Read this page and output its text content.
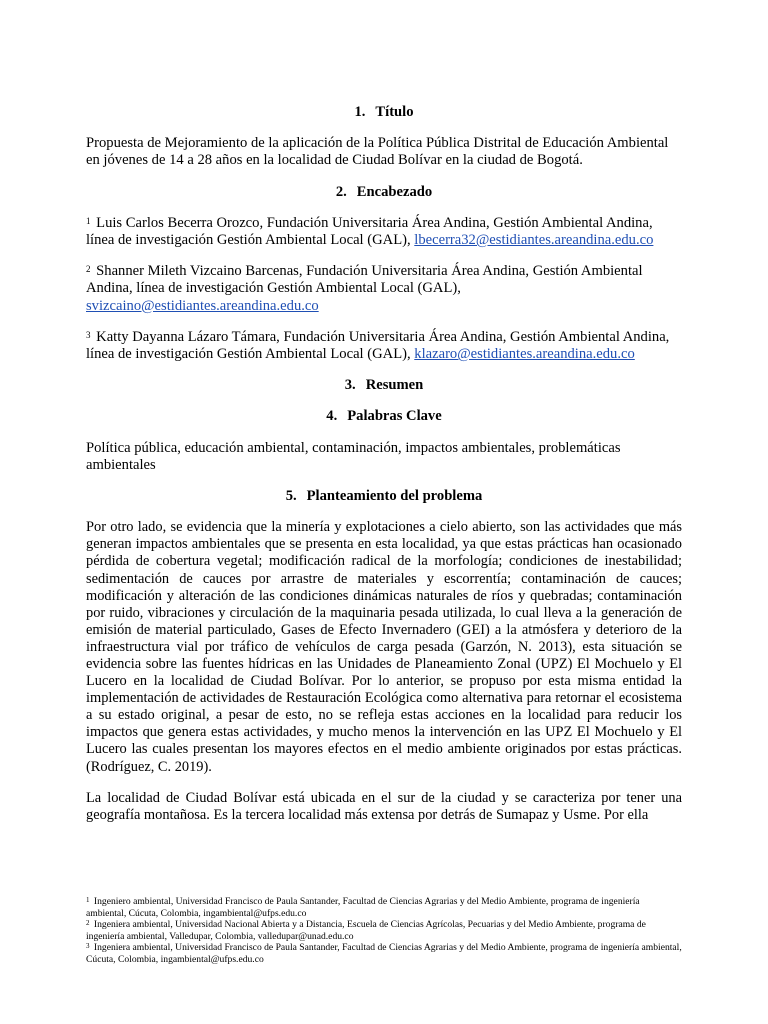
1. Título

Propuesta de Mejoramiento de la aplicación de la Política Pública Distrital de Educación Ambiental en jóvenes de 14 a 28 años en la localidad de Ciudad Bolívar en la ciudad de Bogotá.

2. Encabezado

$^1$ Luis Carlos Becerra Orozco, Fundación Universitaria Área Andina, Gestión Ambiental Andina, línea de investigación Gestión Ambiental Local (GAL), lbecerra32@estidiantes.areandina.edu.co

$^2$ Shanner Mileth Vizcaino Barcenas, Fundación Universitaria Área Andina, Gestión Ambiental Andina, línea de investigación Gestión Ambiental Local (GAL), svizcaino@estidiantes.areandina.edu.co

$^3$ Katty Dayanna Lázaro Támara, Fundación Universitaria Área Andina, Gestión Ambiental Andina, línea de investigación Gestión Ambiental Local (GAL), klazaro@estidiantes.areandina.edu.co

3. Resumen
4. Palabras Clave

Política pública, educación ambiental, contaminación, impactos ambientales, problemáticas ambientales

5. Planteamiento del problema

Por otro lado, se evidencia que la minería y explotaciones a cielo abierto, son las actividades que más generan impactos ambientales que se presenta en esta localidad, ya que estas prácticas han ocasionado pérdida de cobertura vegetal; modificación radical de la morfología; condiciones de inestabilidad; sedimentación de cauces por arrastre de materiales y escorrentía; contaminación de cauces; modificación y alteración de las condiciones dinámicas naturales de ríos y quebradas; contaminación por ruido, vibraciones y circulación de la maquinaria pesada utilizada, lo cual lleva a la generación de emisión de material particulado, Gases de Efecto Invernadero (GEI) a la atmósfera y deterioro de la infraestructura vial por tráfico de vehículos de carga pesada (Garzón, N. 2013), esta situación se evidencia sobre las fuentes hídricas en las Unidades de Planeamiento Zonal (UPZ) El Mochuelo y El Lucero en la localidad de Ciudad Bolívar. Por lo anterior, se propuso por esta misma entidad la implementación de actividades de Restauración Ecológica como alternativa para retornar el ecosistema a su estado original, a pesar de esto, no se refleja estas acciones en la localidad para reducir los impactos que genera estas actividades, y mucho menos la intervención en las UPZ El Mochuelo y El Lucero las cuales presentan los mayores efectos en el medio ambiente originados por estas prácticas. (Rodríguez, C. 2019).

La localidad de Ciudad Bolívar está ubicada en el sur de la ciudad y se caracteriza por tener una geografía montañosa. Es la tercera localidad más extensa por detrás de Sumapaz y Usme. Por ella

$^1$ Ingeniero ambiental, Universidad Francisco de Paula Santander, Facultad de Ciencias Agrarias y del Medio Ambiente, programa de ingeniería ambiental, Cúcuta, Colombia, ingambiental@ufps.edu.co

$^2$ Ingeniera ambiental, Universidad Nacional Abierta y a Distancia, Escuela de Ciencias Agrícolas, Pecuarias y del Medio Ambiente, programa de ingeniería ambiental, Valledupar, Colombia, valledupar@unad.edu.co

$^3$ Ingeniera ambiental, Universidad Francisco de Paula Santander, Facultad de Ciencias Agrarias y del Medio Ambiente, programa de ingeniería ambiental, Cúcuta, Colombia, ingambiental@ufps.edu.co
